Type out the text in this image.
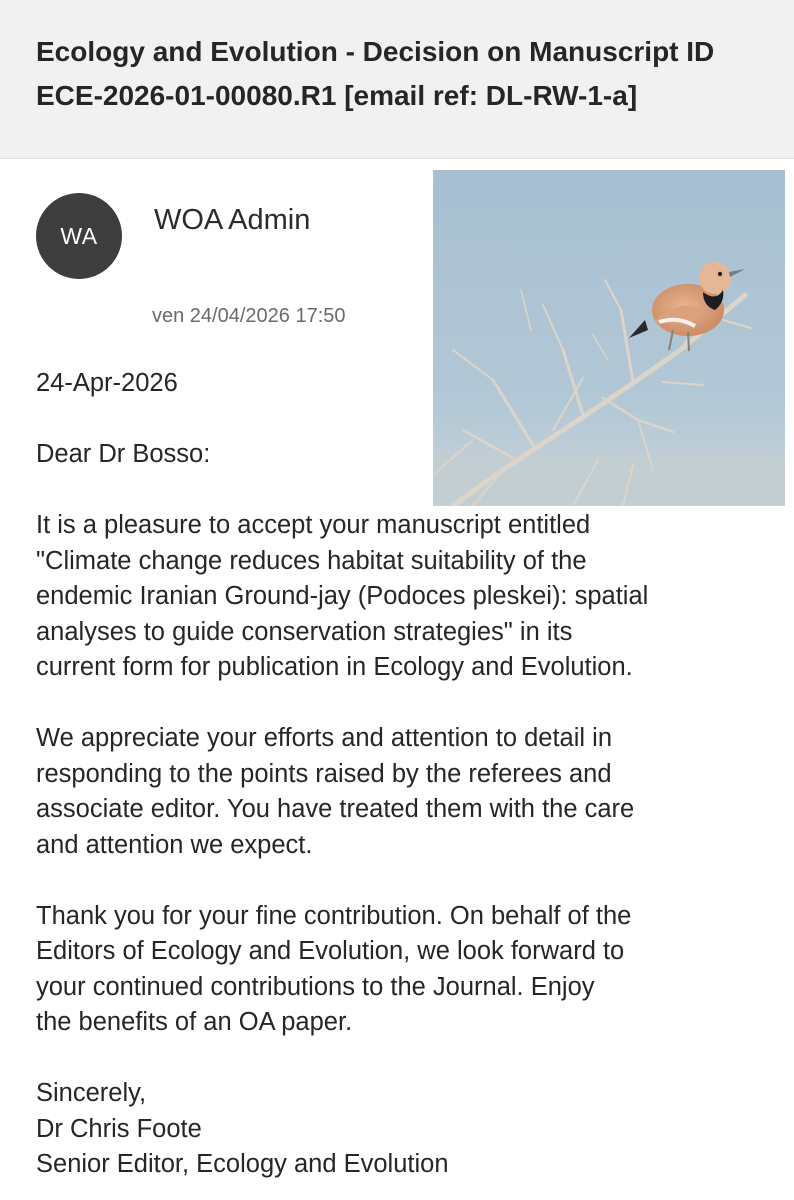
Ecology and Evolution - Decision on Manuscript ID ECE-2026-01-00080.R1 [email ref: DL-RW-1-a]
WA WOA Admin
ven 24/04/2026 17:50

24-Apr-2026

Dear Dr Bosso:

It is a pleasure to accept your manuscript entitled
"Climate change reduces habitat suitability of the
endemic Iranian Ground-jay (Podoces pleskei): spatial
analyses to guide conservation strategies" in its
current form for publication in Ecology and Evolution.

We appreciate your efforts and attention to detail in
responding to the points raised by the referees and
associate editor. You have treated them with the care
and attention we expect.

Thank you for your fine contribution. On behalf of the
Editors of Ecology and Evolution, we look forward to
your continued contributions to the Journal. Enjoy
the benefits of an OA paper.

Sincerely,
Dr Chris Foote
Senior Editor, Ecology and Evolution
